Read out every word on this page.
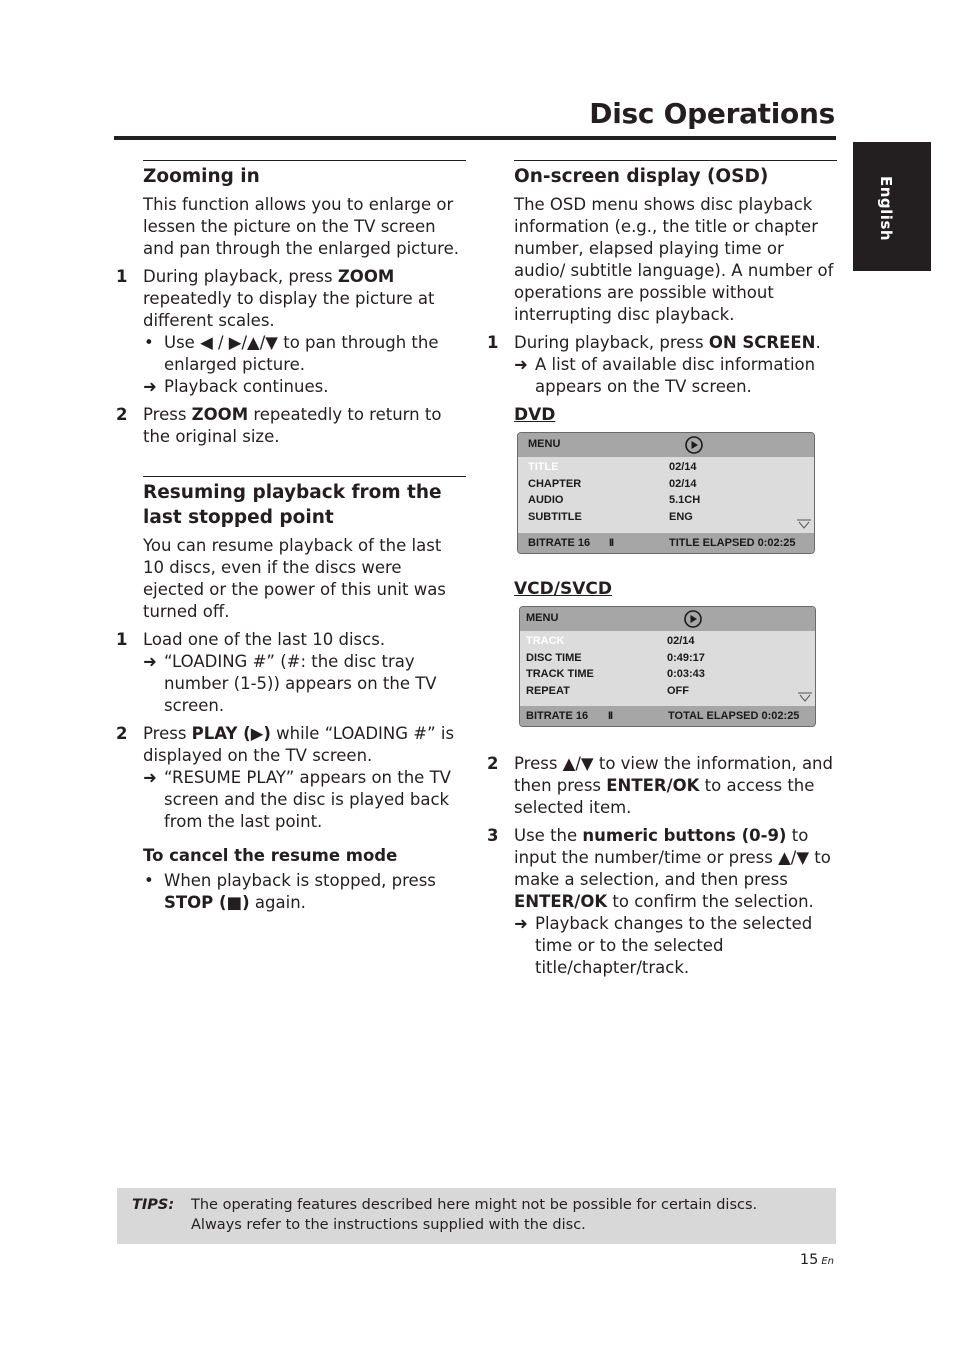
Disc Operations
English
Zooming in
This function allows you to enlarge or lessen the picture on the TV screen and pan through the enlarged picture.
1 During playback, press ZOOM repeatedly to display the picture at different scales.
• Use ◀ / ▶/▲/▼ to pan through the enlarged picture.
➜ Playback continues.
2 Press ZOOM repeatedly to return to the original size.
Resuming playback from the last stopped point
You can resume playback of the last 10 discs, even if the discs were ejected or the power of this unit was turned off.
1 Load one of the last 10 discs.
➜ “LOADING #” (#: the disc tray number (1-5)) appears on the TV screen.
2 Press PLAY (▶) while “LOADING #” is displayed on the TV screen.
➜ “RESUME PLAY” appears on the TV screen and the disc is played back from the last point.
To cancel the resume mode
• When playback is stopped, press STOP (■) again.
On-screen display (OSD)
The OSD menu shows disc playback information (e.g., the title or chapter number, elapsed playing time or audio/ subtitle language). A number of operations are possible without interrupting disc playback.
1 During playback, press ON SCREEN.
➜ A list of available disc information appears on the TV screen.
DVD
MENU
TITLE	02/14
CHAPTER	02/14
AUDIO	5.1CH
SUBTITLE	ENG
BITRATE 16 II	TITLE ELAPSED 0:02:25
VCD/SVCD
MENU
TRACK	02/14
DISC TIME	0:49:17
TRACK TIME	0:03:43
REPEAT	OFF
BITRATE 16 II	TOTAL ELAPSED 0:02:25
2 Press ▲/▼ to view the information, and then press ENTER/OK to access the selected item.
3 Use the numeric buttons (0-9) to input the number/time or press ▲/▼ to make a selection, and then press ENTER/OK to confirm the selection.
➜ Playback changes to the selected time or to the selected title/chapter/track.
TIPS: The operating features described here might not be possible for certain discs.
Always refer to the instructions supplied with the disc.
15 En
